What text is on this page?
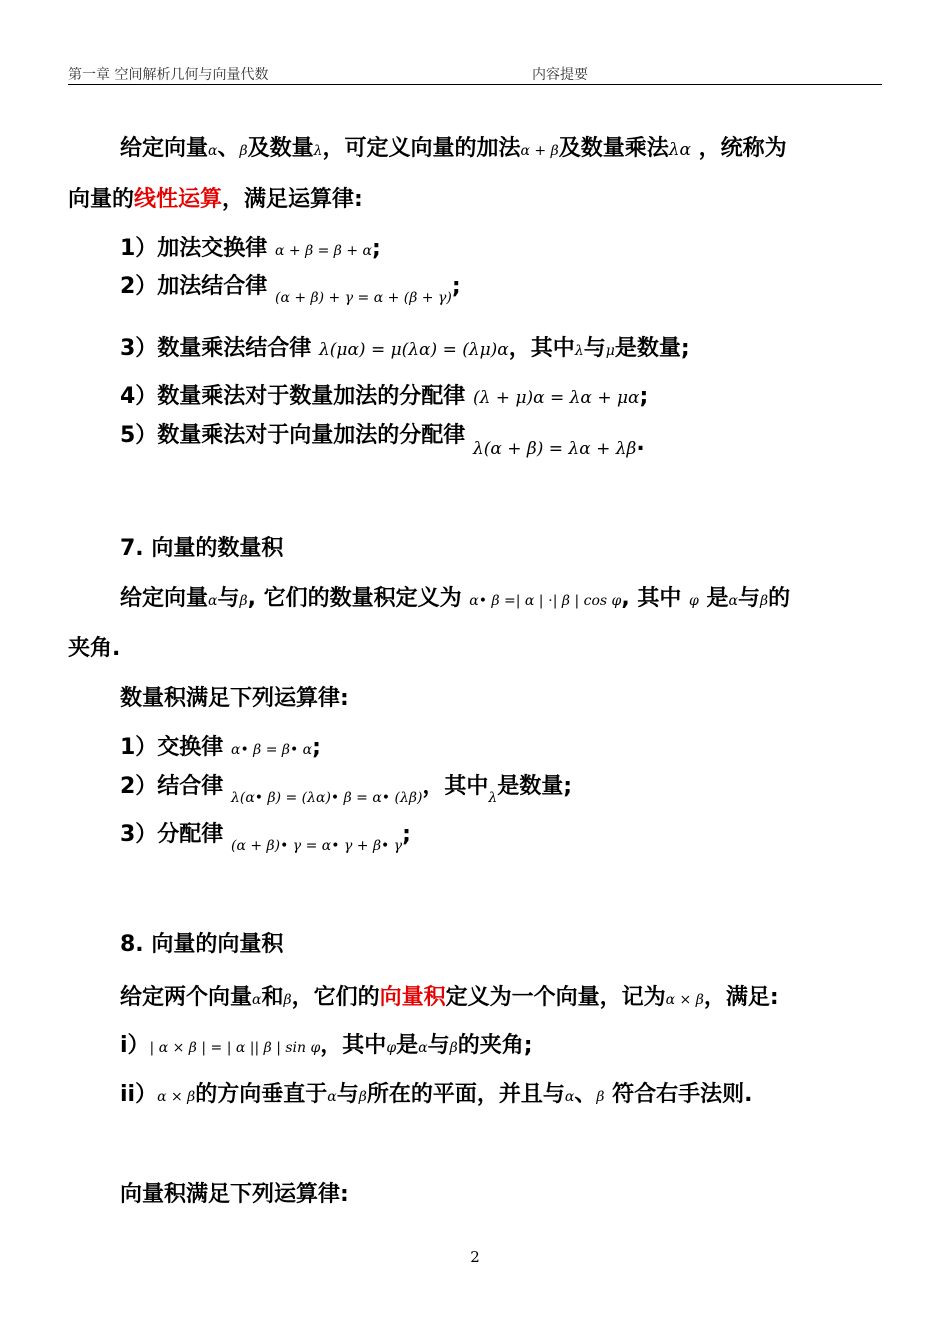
第一章 空间解析几何与向量代数	内容提要
给定向量α、β及数量λ，可定义向量的加法α + β及数量乘法λα ，统称为
向量的线性运算，满足运算律:
1）加法交换律 α + β = β + α;
2）加法结合律 $_{(\alpha + \beta) + \gamma = \alpha + (\beta + \gamma)}$;
3）数量乘法结合律 λ(μα) = μ(λα) = (λμ)α，其中λ与μ是数量;
4）数量乘法对于数量加法的分配律 (λ + μ)α = λα + μα;
5）数量乘法对于向量加法的分配律 $_{\lambda(\alpha + \beta) = \lambda\alpha + \lambda\beta}$.
7. 向量的数量积
给定向量α与β, 它们的数量积定义为 α• β =| α | ⋅| β | cos φ, 其中 φ 是α与β的
夹角.
数量积满足下列运算律:
1）交换律 α• β = β• α;
2）结合律 $_{\lambda(\alpha• \beta) = (\lambda\alpha)• \beta = \alpha• (\lambda\beta)}$，其中$_\lambda$是数量;
3）分配律 $_{(\alpha + \beta)• \gamma = \alpha• \gamma + \beta• \gamma}$;
8. 向量的向量积
给定两个向量α和β，它们的向量积定义为一个向量，记为α × β，满足:
i）| α × β | = | α || β | sin φ，其中φ是α与β的夹角;
ii）α × β的方向垂直于α与β所在的平面，并且与α、β 符合右手法则.
向量积满足下列运算律:
2
